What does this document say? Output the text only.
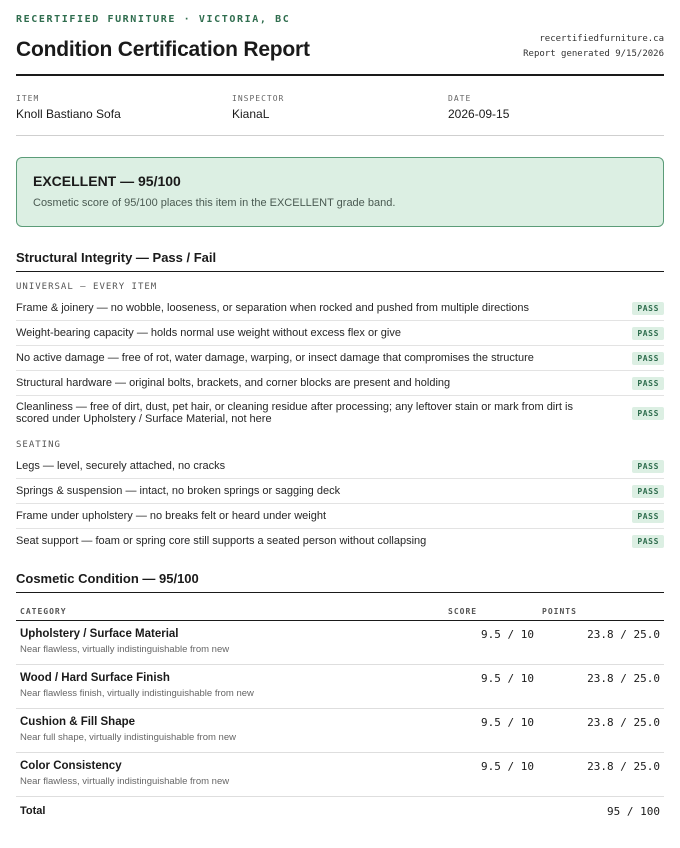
RECERTIFIED FURNITURE · VICTORIA, BC
Condition Certification Report	recertifiedfurniture.ca
Report generated 9/15/2026
ITEM
Knoll Bastiano Sofa
INSPECTOR
KianaL
DATE
2026-09-15
EXCELLENT — 95/100
Cosmetic score of 95/100 places this item in the EXCELLENT grade band.
Structural Integrity — Pass / Fail
UNIVERSAL — EVERY ITEM
Frame & joinery — no wobble, looseness, or separation when rocked and pushed from multiple directions	PASS
Weight-bearing capacity — holds normal use weight without excess flex or give	PASS
No active damage — free of rot, water damage, warping, or insect damage that compromises the structure	PASS
Structural hardware — original bolts, brackets, and corner blocks are present and holding	PASS
Cleanliness — free of dirt, dust, pet hair, or cleaning residue after processing; any leftover stain or mark from dirt is scored under Upholstery / Surface Material, not here	PASS
SEATING
Legs — level, securely attached, no cracks	PASS
Springs & suspension — intact, no broken springs or sagging deck	PASS
Frame under upholstery — no breaks felt or heard under weight	PASS
Seat support — foam or spring core still supports a seated person without collapsing	PASS
Cosmetic Condition — 95/100
CATEGORY	SCORE	POINTS

Upholstery / Surface Material
Near flawless, virtually indistinguishable from new	9.5 / 10	23.8 / 25.0

Wood / Hard Surface Finish
Near flawless finish, virtually indistinguishable from new	9.5 / 10	23.8 / 25.0

Cushion & Fill Shape
Near full shape, virtually indistinguishable from new	9.5 / 10	23.8 / 25.0

Color Consistency
Near flawless, virtually indistinguishable from new	9.5 / 10	23.8 / 25.0
Total		95 / 100
